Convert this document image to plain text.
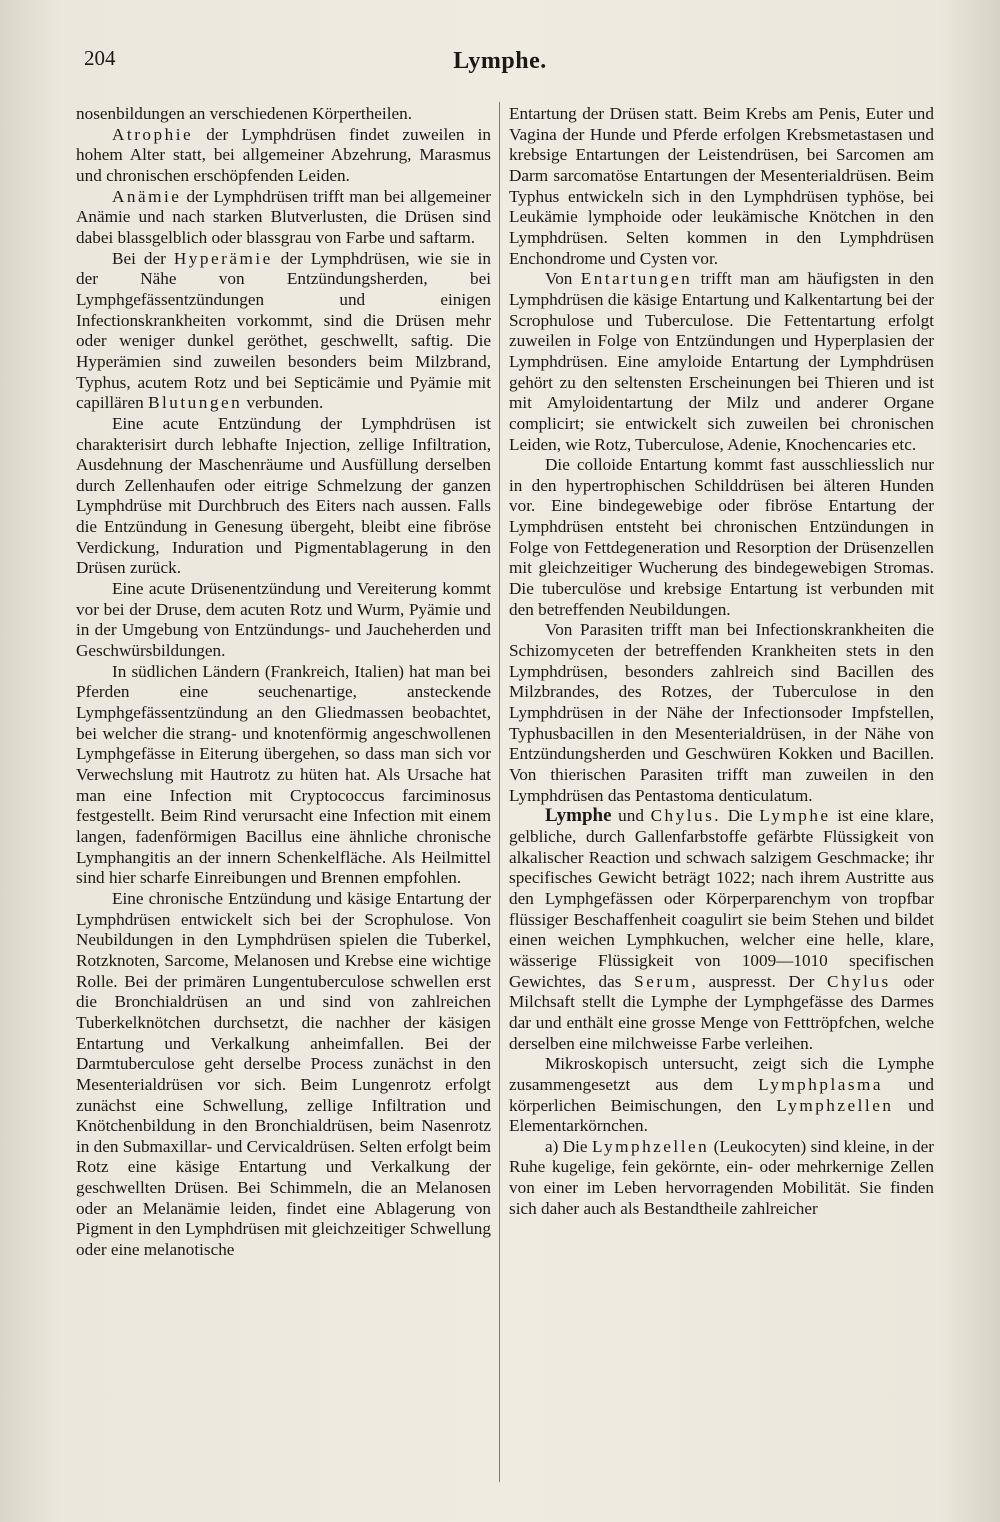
204	Lymphe.

nosenbildungen an verschiedenen Körpertheilen.

Atrophie der Lymphdrüsen findet zuweilen in hohem Alter statt, bei allgemeiner Abzehrung, Marasmus und chronischen erschöpfenden Leiden.

Anämie der Lymphdrüsen trifft man bei allgemeiner Anämie und nach starken Blutverlusten, die Drüsen sind dabei blassgelblich oder blassgrau von Farbe und saftarm.

Bei der Hyperämie der Lymphdrüsen, wie sie in der Nähe von Entzündungsherden, bei Lymphgefässentzündungen und einigen Infectionskrankheiten vorkommt, sind die Drüsen mehr oder weniger dunkel geröthet, geschwellt, saftig. Die Hyperämien sind zuweilen besonders beim Milzbrand, Typhus, acutem Rotz und bei Septicämie und Pyämie mit capillären Blutungen verbunden.

Eine acute Entzündung der Lymphdrüsen ist charakterisirt durch lebhafte Injection, zellige Infiltration, Ausdehnung der Maschenräume und Ausfüllung derselben durch Zellenhaufen oder eitrige Schmelzung der ganzen Lymphdrüse mit Durchbruch des Eiters nach aussen. Falls die Entzündung in Genesung übergeht, bleibt eine fibröse Verdickung, Induration und Pigmentablagerung in den Drüsen zurück.

Eine acute Drüsenentzündung und Vereiterung kommt vor bei der Druse, dem acuten Rotz und Wurm, Pyämie und in der Umgebung von Entzündungs- und Jaucheherden und Geschwürsbildungen.

In südlichen Ländern (Frankreich, Italien) hat man bei Pferden eine seuchenartige, ansteckende Lymphgefässentzündung an den Gliedmassen beobachtet, bei welcher die strang- und knotenförmig angeschwollenen Lymphgefässe in Eiterung übergehen, so dass man sich vor Verwechslung mit Hautrotz zu hüten hat. Als Ursache hat man eine Infection mit Cryptococcus farciminosus festgestellt. Beim Rind verursacht eine Infection mit einem langen, fadenförmigen Bacillus eine ähnliche chronische Lymphangitis an der innern Schenkelfläche. Als Heilmittel sind hier scharfe Einreibungen und Brennen empfohlen.

Eine chronische Entzündung und käsige Entartung der Lymphdrüsen entwickelt sich bei der Scrophulose. Von Neubildungen in den Lymphdrüsen spielen die Tuberkel, Rotzknoten, Sarcome, Melanosen und Krebse eine wichtige Rolle. Bei der primären Lungentuberculose schwellen erst die Bronchialdrüsen an und sind von zahlreichen Tuberkelknötchen durchsetzt, die nachher der käsigen Entartung und Verkalkung anheimfallen. Bei der Darmtuberculose geht derselbe Process zunächst in den Mesenterialdrüsen vor sich. Beim Lungenrotz erfolgt zunächst eine Schwellung, zellige Infiltration und Knötchenbildung in den Bronchialdrüsen, beim Nasenrotz in den Submaxillar- und Cervicaldrüsen. Selten erfolgt beim Rotz eine käsige Entartung und Verkalkung der geschwellten Drüsen. Bei Schimmeln, die an Melanosen oder an Melanämie leiden, findet eine Ablagerung von Pigment in den Lymphdrüsen mit gleichzeitiger Schwellung oder eine melanotische

Entartung der Drüsen statt. Beim Krebs am Penis, Euter und Vagina der Hunde und Pferde erfolgen Krebsmetastasen und krebsige Entartungen der Leistendrüsen, bei Sarcomen am Darm sarcomatöse Entartungen der Mesenterialdrüsen. Beim Typhus entwickeln sich in den Lymphdrüsen typhöse, bei Leukämie lymphoide oder leukämische Knötchen in den Lymphdrüsen. Selten kommen in den Lymphdrüsen Enchondrome und Cysten vor.

Von Entartungen trifft man am häufigsten in den Lymphdrüsen die käsige Entartung und Kalkentartung bei der Scrophulose und Tuberculose. Die Fettentartung erfolgt zuweilen in Folge von Entzündungen und Hyperplasien der Lymphdrüsen. Eine amyloide Entartung der Lymphdrüsen gehört zu den seltensten Erscheinungen bei Thieren und ist mit Amyloidentartung der Milz und anderer Organe complicirt; sie entwickelt sich zuweilen bei chronischen Leiden, wie Rotz, Tuberculose, Adenie, Knochencaries etc.

Die colloide Entartung kommt fast ausschliesslich nur in den hypertrophischen Schilddrüsen bei älteren Hunden vor. Eine bindegewebige oder fibröse Entartung der Lymphdrüsen entsteht bei chronischen Entzündungen in Folge von Fettdegeneration und Resorption der Drüsenzellen mit gleichzeitiger Wucherung des bindegewebigen Stromas. Die tuberculöse und krebsige Entartung ist verbunden mit den betreffenden Neubildungen.

Von Parasiten trifft man bei Infectionskrankheiten die Schizomyceten der betreffenden Krankheiten stets in den Lymphdrüsen, besonders zahlreich sind Bacillen des Milzbrandes, des Rotzes, der Tuberculose in den Lymphdrüsen in der Nähe der Infectionsoder Impfstellen, Typhusbacillen in den Mesenterialdrüsen, in der Nähe von Entzündungsherden und Geschwüren Kokken und Bacillen. Von thierischen Parasiten trifft man zuweilen in den Lymphdrüsen das Pentastoma denticulatum.

Lymphe und Chylus. Die Lymphe ist eine klare, gelbliche, durch Gallenfarbstoffe gefärbte Flüssigkeit von alkalischer Reaction und schwach salzigem Geschmacke; ihr specifisches Gewicht beträgt 1022; nach ihrem Austritte aus den Lymphgefässen oder Körperparenchym von tropfbar flüssiger Beschaffenheit coagulirt sie beim Stehen und bildet einen weichen Lymphkuchen, welcher eine helle, klare, wässerige Flüssigkeit von 1009—1010 specifischen Gewichtes, das Serum, auspresst. Der Chylus oder Milchsaft stellt die Lymphe der Lymphgefässe des Darmes dar und enthält eine grosse Menge von Fetttröpfchen, welche derselben eine milchweisse Farbe verleihen.

Mikroskopisch untersucht, zeigt sich die Lymphe zusammengesetzt aus dem Lymphplasma und körperlichen Beimischungen, den Lymphzellen und Elementarkörnchen.

a) Die Lymphzellen (Leukocyten) sind kleine, in der Ruhe kugelige, fein gekörnte, ein- oder mehrkernige Zellen von einer im Leben hervorragenden Mobilität. Sie finden sich daher auch als Bestandtheile zahlreicher
